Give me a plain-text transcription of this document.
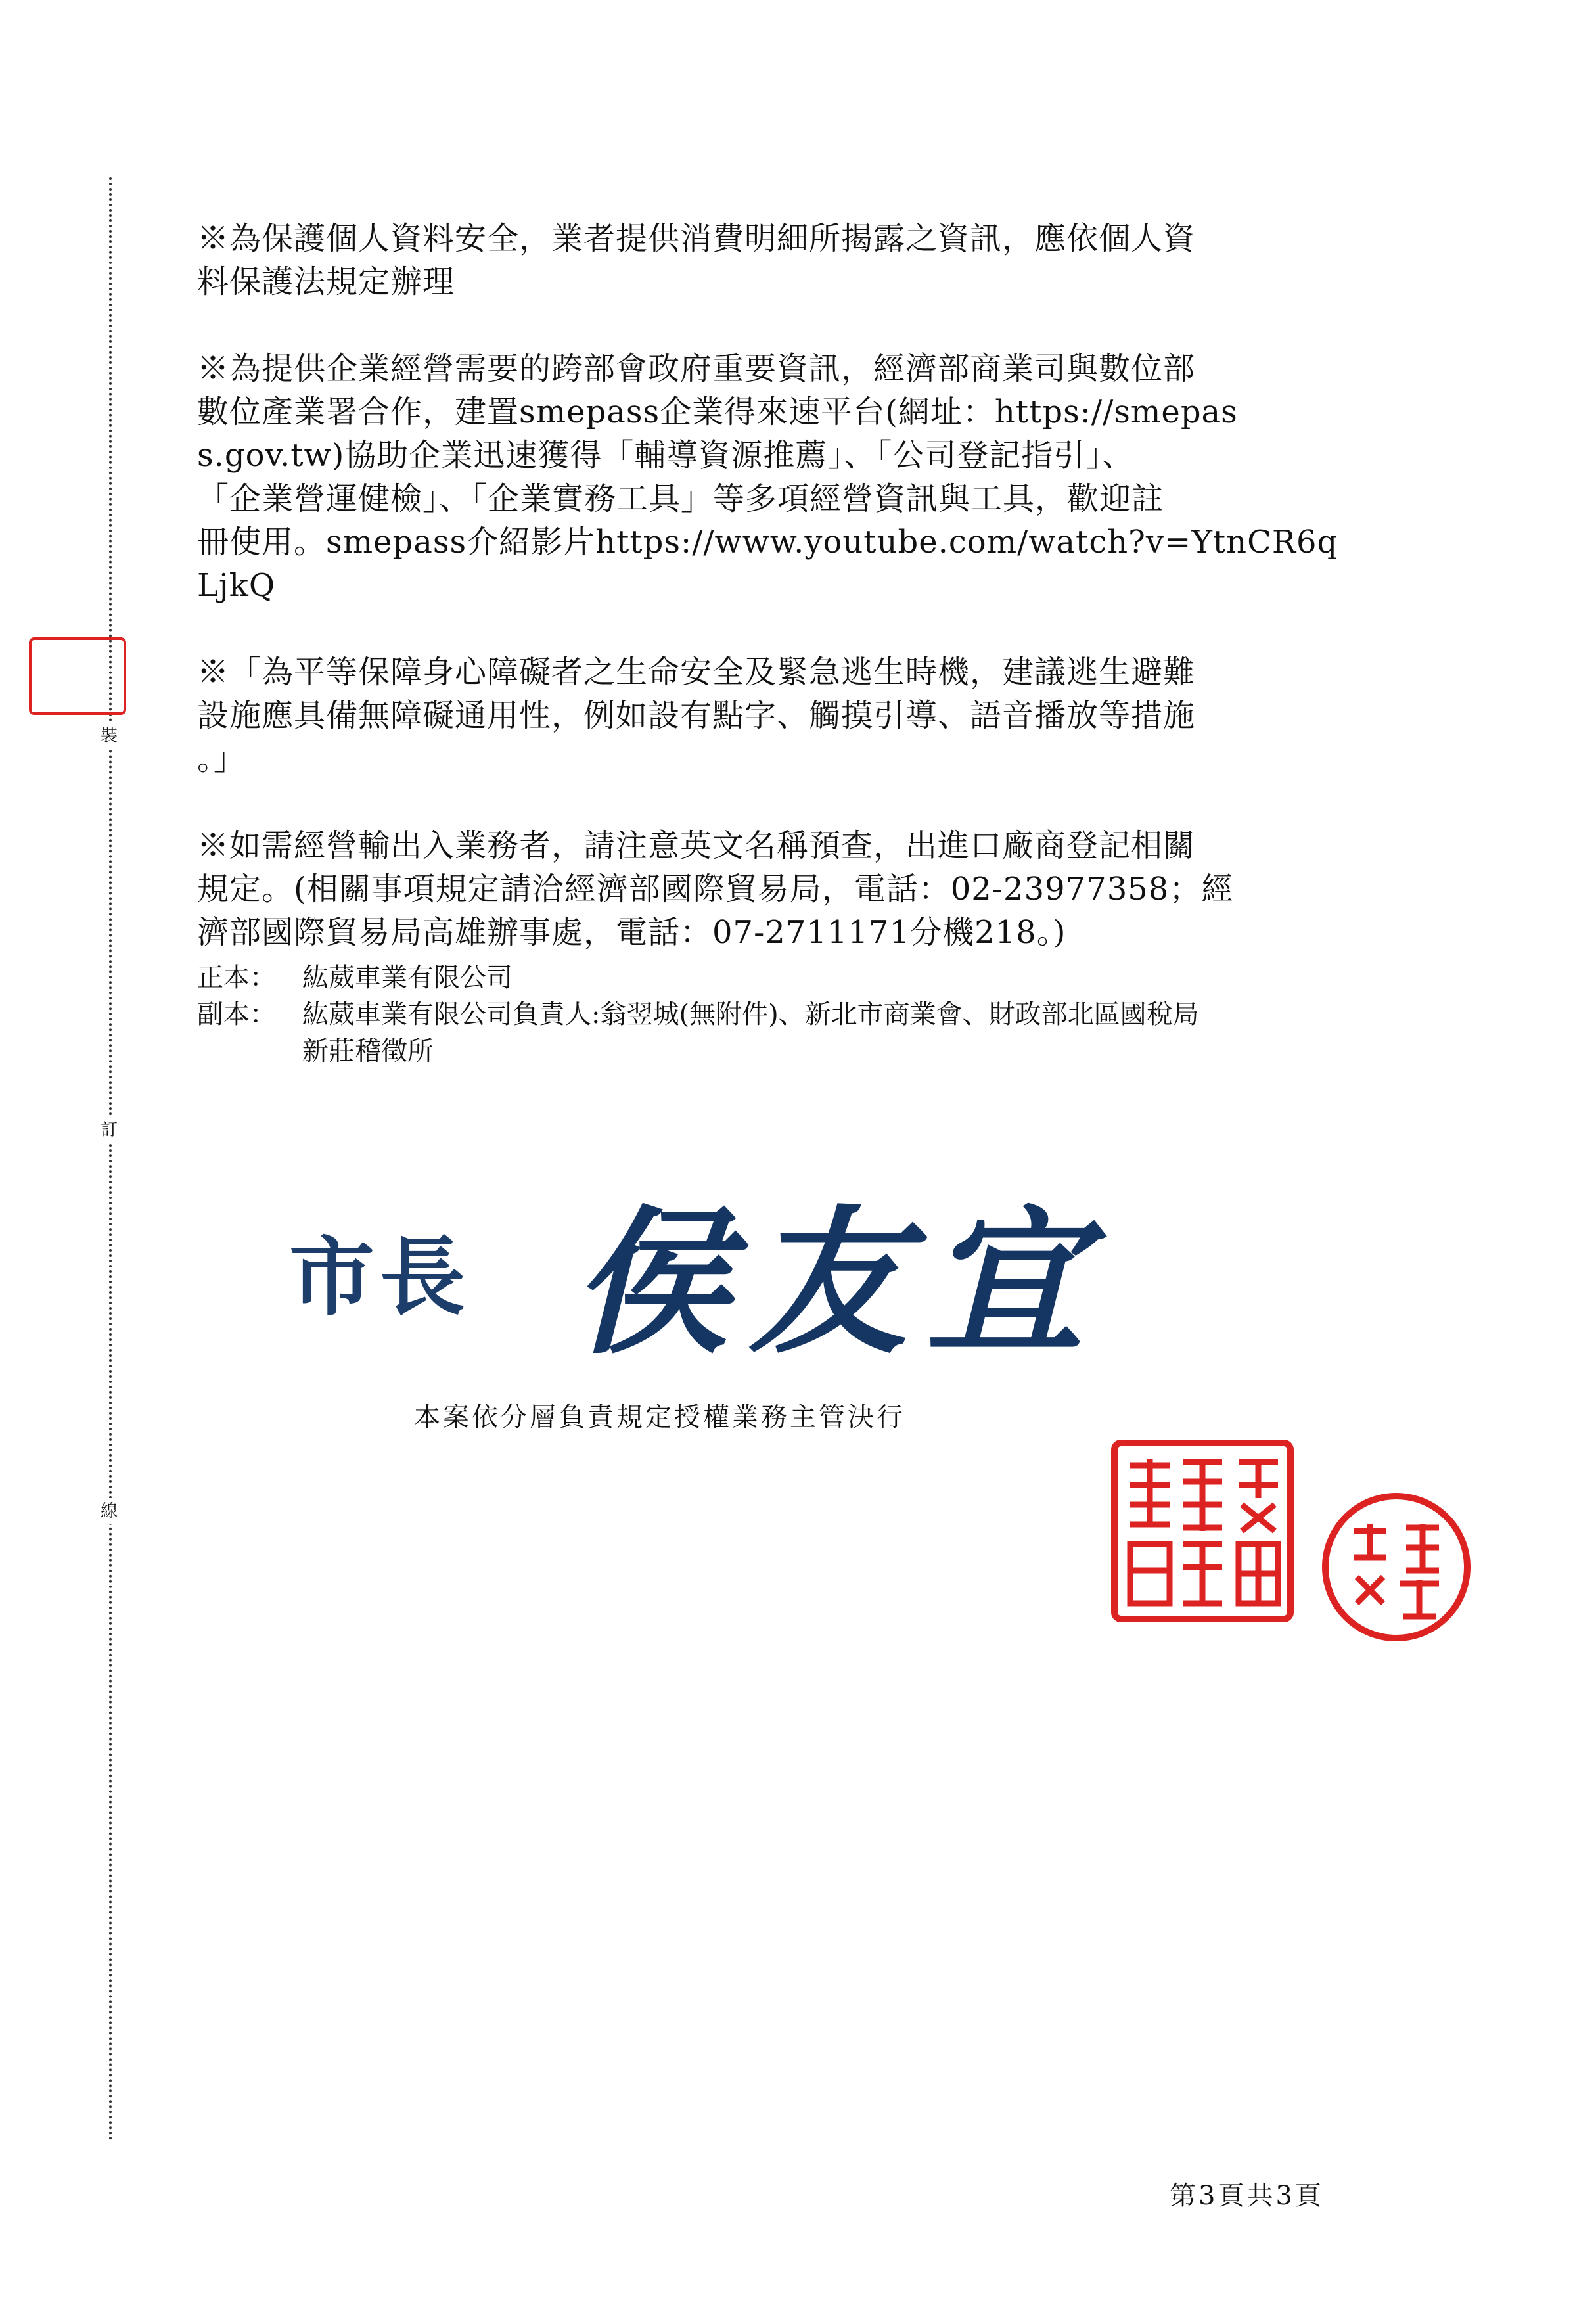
裝
訂
線

※為保護個人資料安全，業者提供消費明細所揭露之資訊，應依個人資
料保護法規定辦理

※為提供企業經營需要的跨部會政府重要資訊，經濟部商業司與數位部
數位產業署合作，建置smepass企業得來速平台(網址：https://smepas
s.gov.tw)協助企業迅速獲得「輔導資源推薦」、「公司登記指引」、
「企業營運健檢」、「企業實務工具」等多項經營資訊與工具，歡迎註
冊使用。smepass介紹影片https://www.youtube.com/watch?v=YtnCR6q
LjkQ

※「為平等保障身心障礙者之生命安全及緊急逃生時機，建議逃生避難
設施應具備無障礙通用性，例如設有點字、觸摸引導、語音播放等措施
。」

※如需經營輸出入業務者，請注意英文名稱預查，出進口廠商登記相關
規定。(相關事項規定請洽經濟部國際貿易局，電話：02-23977358；經
濟部國際貿易局高雄辦事處，電話：07-2711171分機218。)

正本：	紘葳車業有限公司
副本：	紘葳車業有限公司負責人:翁翌城(無附件)、新北市商業會、財政部北區國稅局
新莊稽徵所
市長 侯友宜
本案依分層負責規定授權業務主管決行
第3頁共3頁
